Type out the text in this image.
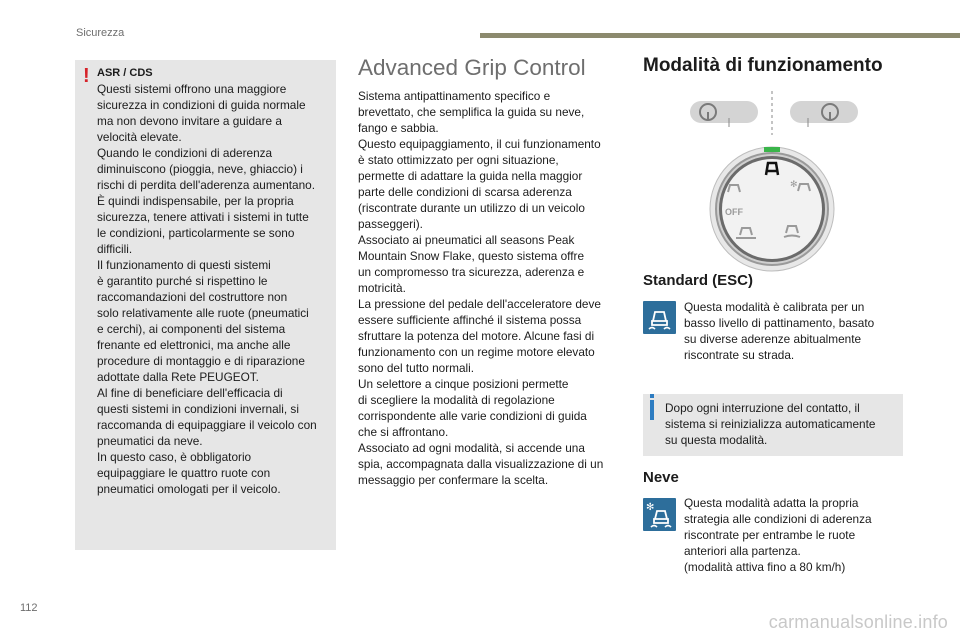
Sicurezza
! ASR / CDS
Questi sistemi offrono una maggiore
sicurezza in condizioni di guida normale
ma non devono invitare a guidare a
velocità elevate.
Quando le condizioni di aderenza
diminuiscono (pioggia, neve, ghiaccio) i
rischi di perdita dell'aderenza aumentano.
È quindi indispensabile, per la propria
sicurezza, tenere attivati i sistemi in tutte
le condizioni, particolarmente se sono
difficili.
Il funzionamento di questi sistemi
è garantito purché si rispettino le
raccomandazioni del costruttore non
solo relativamente alle ruote (pneumatici
e cerchi), ai componenti del sistema
frenante ed elettronici, ma anche alle
procedure di montaggio e di riparazione
adottate dalla Rete PEUGEOT.
Al fine di beneficiare dell'efficacia di
questi sistemi in condizioni invernali, si
raccomanda di equipaggiare il veicolo con
pneumatici da neve.
In questo caso, è obbligatorio
equipaggiare le quattro ruote con
pneumatici omologati per il veicolo.
Advanced Grip Control

Sistema antipattinamento specifico e
brevettato, che semplifica la guida su neve,
fango e sabbia.
Questo equipaggiamento, il cui funzionamento
è stato ottimizzato per ogni situazione,
permette di adattare la guida nella maggior
parte delle condizioni di scarsa aderenza
(riscontrate durante un utilizzo di un veicolo
passeggeri).
Associato ai pneumatici all seasons Peak
Mountain Snow Flake, questo sistema offre
un compromesso tra sicurezza, aderenza e
motricità.
La pressione del pedale dell'acceleratore deve
essere sufficiente affinché il sistema possa
sfruttare la potenza del motore. Alcune fasi di
funzionamento con un regime motore elevato
sono del tutto normali.
Un selettore a cinque posizioni permette
di scegliere la modalità di regolazione
corrispondente alle varie condizioni di guida
che si affrontano.
Associato ad ogni modalità, si accende una
spia, accompagnata dalla visualizzazione di un
messaggio per confermare la scelta.

Modalità di funzionamento
OFF
✻
Standard (ESC)

Questa modalità è calibrata per un
basso livello di pattinamento, basato
su diverse aderenze abitualmente
riscontrate su strada.

Dopo ogni interruzione del contatto, il
sistema si reinizializza automaticamente
su questa modalità.
Neve
✻	Questa modalità adatta la propria
strategia alle condizioni di aderenza
riscontrate per entrambe le ruote
anteriori alla partenza.
(modalità attiva fino a 80 km/h)

112
carmanualsonline.info
